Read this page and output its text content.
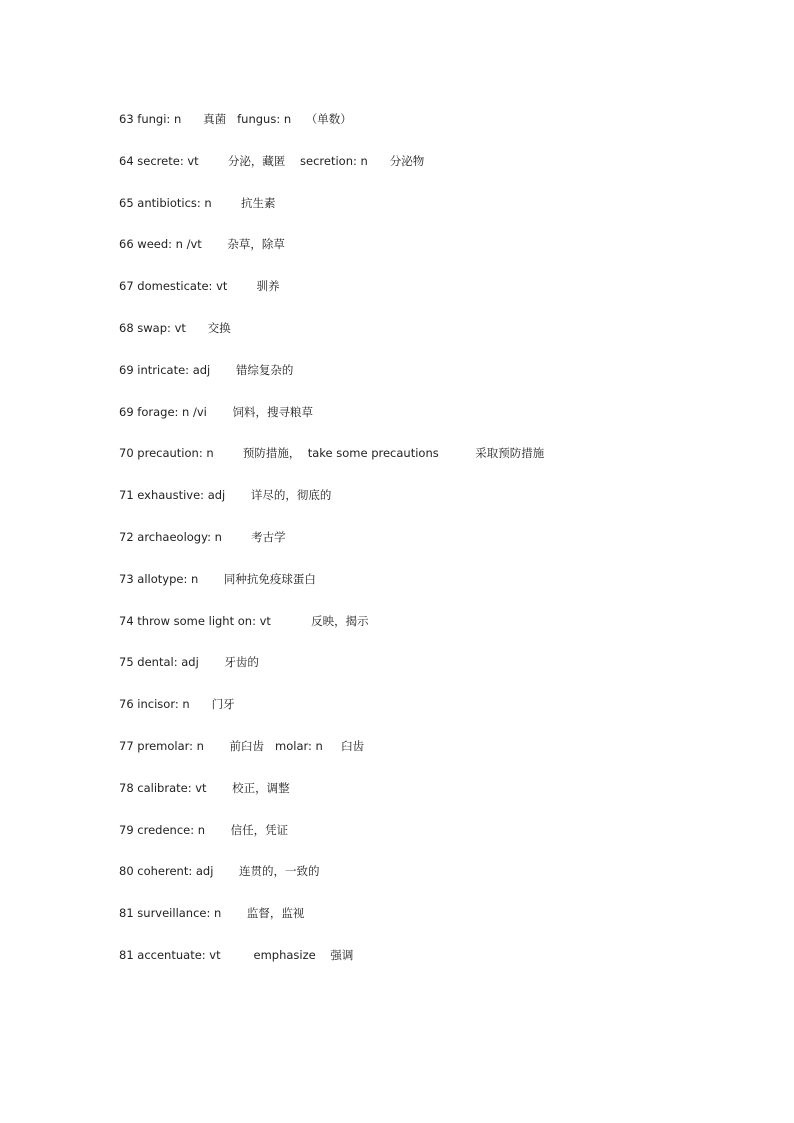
63 fungi: n      真菌   fungus: n    （单数）
64 secrete: vt        分泌，藏匿    secretion: n      分泌物
65 antibiotics: n        抗生素
66 weed: n /vt       杂草，除草
67 domesticate: vt        驯养
68 swap: vt      交换
69 intricate: adj       错综复杂的
69 forage: n /vi       饲料，搜寻粮草
70 precaution: n        预防措施，  take some precautions          采取预防措施
71 exhaustive: adj       详尽的，彻底的
72 archaeology: n        考古学
73 allotype: n       同种抗免疫球蛋白
74 throw some light on: vt           反映，揭示
75 dental: adj       牙齿的
76 incisor: n      门牙
77 premolar: n       前臼齿   molar: n     臼齿
78 calibrate: vt       校正，调整
79 credence: n       信任，凭证
80 coherent: adj       连贯的，一致的
81 surveillance: n       监督，监视
81 accentuate: vt         emphasize    强调
